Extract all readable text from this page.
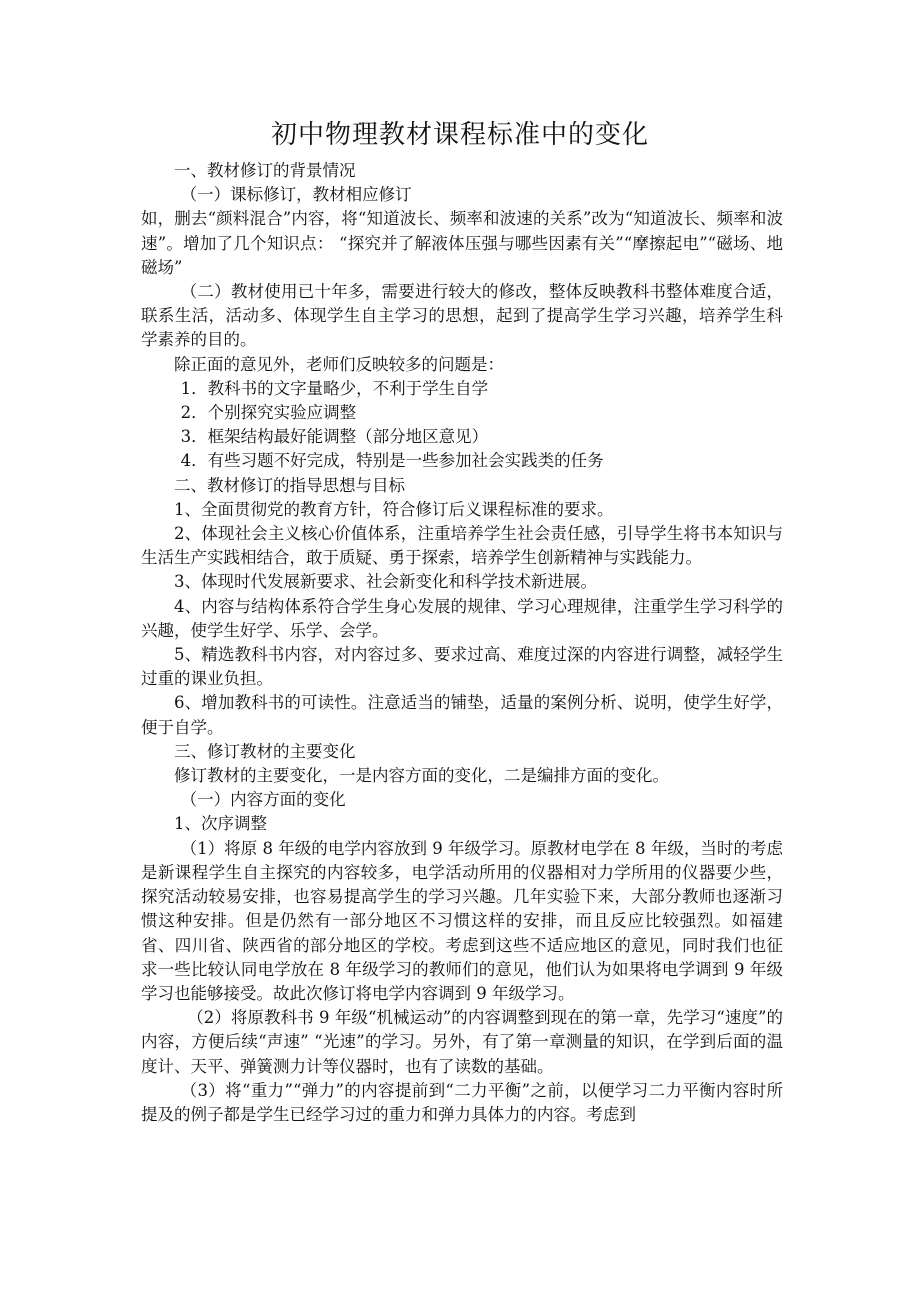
初中物理教材课程标准中的变化

一、教材修订的背景情况

（一）课标修订，教材相应修订

如，删去“颜料混合”内容，将“知道波长、频率和波速的关系”改为“知道波长、频率和波速”。增加了几个知识点： “探究并了解液体压强与哪些因素有关”“摩擦起电”“磁场、地磁场”

（二）教材使用已十年多，需要进行较大的修改，整体反映教科书整体难度合适，联系生活，活动多、体现学生自主学习的思想，起到了提高学生学习兴趣，培养学生科学素养的目的。

除正面的意见外，老师们反映较多的问题是：

1．教科书的文字量略少，不利于学生自学

2．个别探究实验应调整

3．框架结构最好能调整（部分地区意见）

4．有些习题不好完成，特别是一些参加社会实践类的任务

二、教材修订的指导思想与目标

1、全面贯彻党的教育方针，符合修订后义课程标准的要求。

2、体现社会主义核心价值体系，注重培养学生社会责任感，引导学生将书本知识与生活生产实践相结合，敢于质疑、勇于探索，培养学生创新精神与实践能力。

3、体现时代发展新要求、社会新变化和科学技术新进展。

4、内容与结构体系符合学生身心发展的规律、学习心理规律，注重学生学习科学的兴趣，使学生好学、乐学、会学。

5、精选教科书内容，对内容过多、要求过高、难度过深的内容进行调整，减轻学生过重的课业负担。

6、增加教科书的可读性。注意适当的铺垫，适量的案例分析、说明，使学生好学，便于自学。

三、修订教材的主要变化

修订教材的主要变化，一是内容方面的变化，二是编排方面的变化。

（一）内容方面的变化

1、次序调整

（1）将原 8 年级的电学内容放到 9 年级学习。原教材电学在 8 年级，当时的考虑是新课程学生自主探究的内容较多，电学活动所用的仪器相对力学所用的仪器要少些，探究活动较易安排，也容易提高学生的学习兴趣。几年实验下来，大部分教师也逐渐习惯这种安排。但是仍然有一部分地区不习惯这样的安排，而且反应比较强烈。如福建省、四川省、陕西省的部分地区的学校。考虑到这些不适应地区的意见，同时我们也征求一些比较认同电学放在 8 年级学习的教师们的意见，他们认为如果将电学调到 9 年级学习也能够接受。故此次修订将电学内容调到 9 年级学习。

（2）将原教科书 9 年级“机械运动”的内容调整到现在的第一章，先学习“速度”的内容，方便后续“声速” “光速”的学习。另外，有了第一章测量的知识，在学到后面的温度计、天平、弹簧测力计等仪器时，也有了读数的基础。

（3）将“重力”“弹力”的内容提前到“二力平衡”之前，以便学习二力平衡内容时所提及的例子都是学生已经学习过的重力和弹力具体力的内容。考虑到
